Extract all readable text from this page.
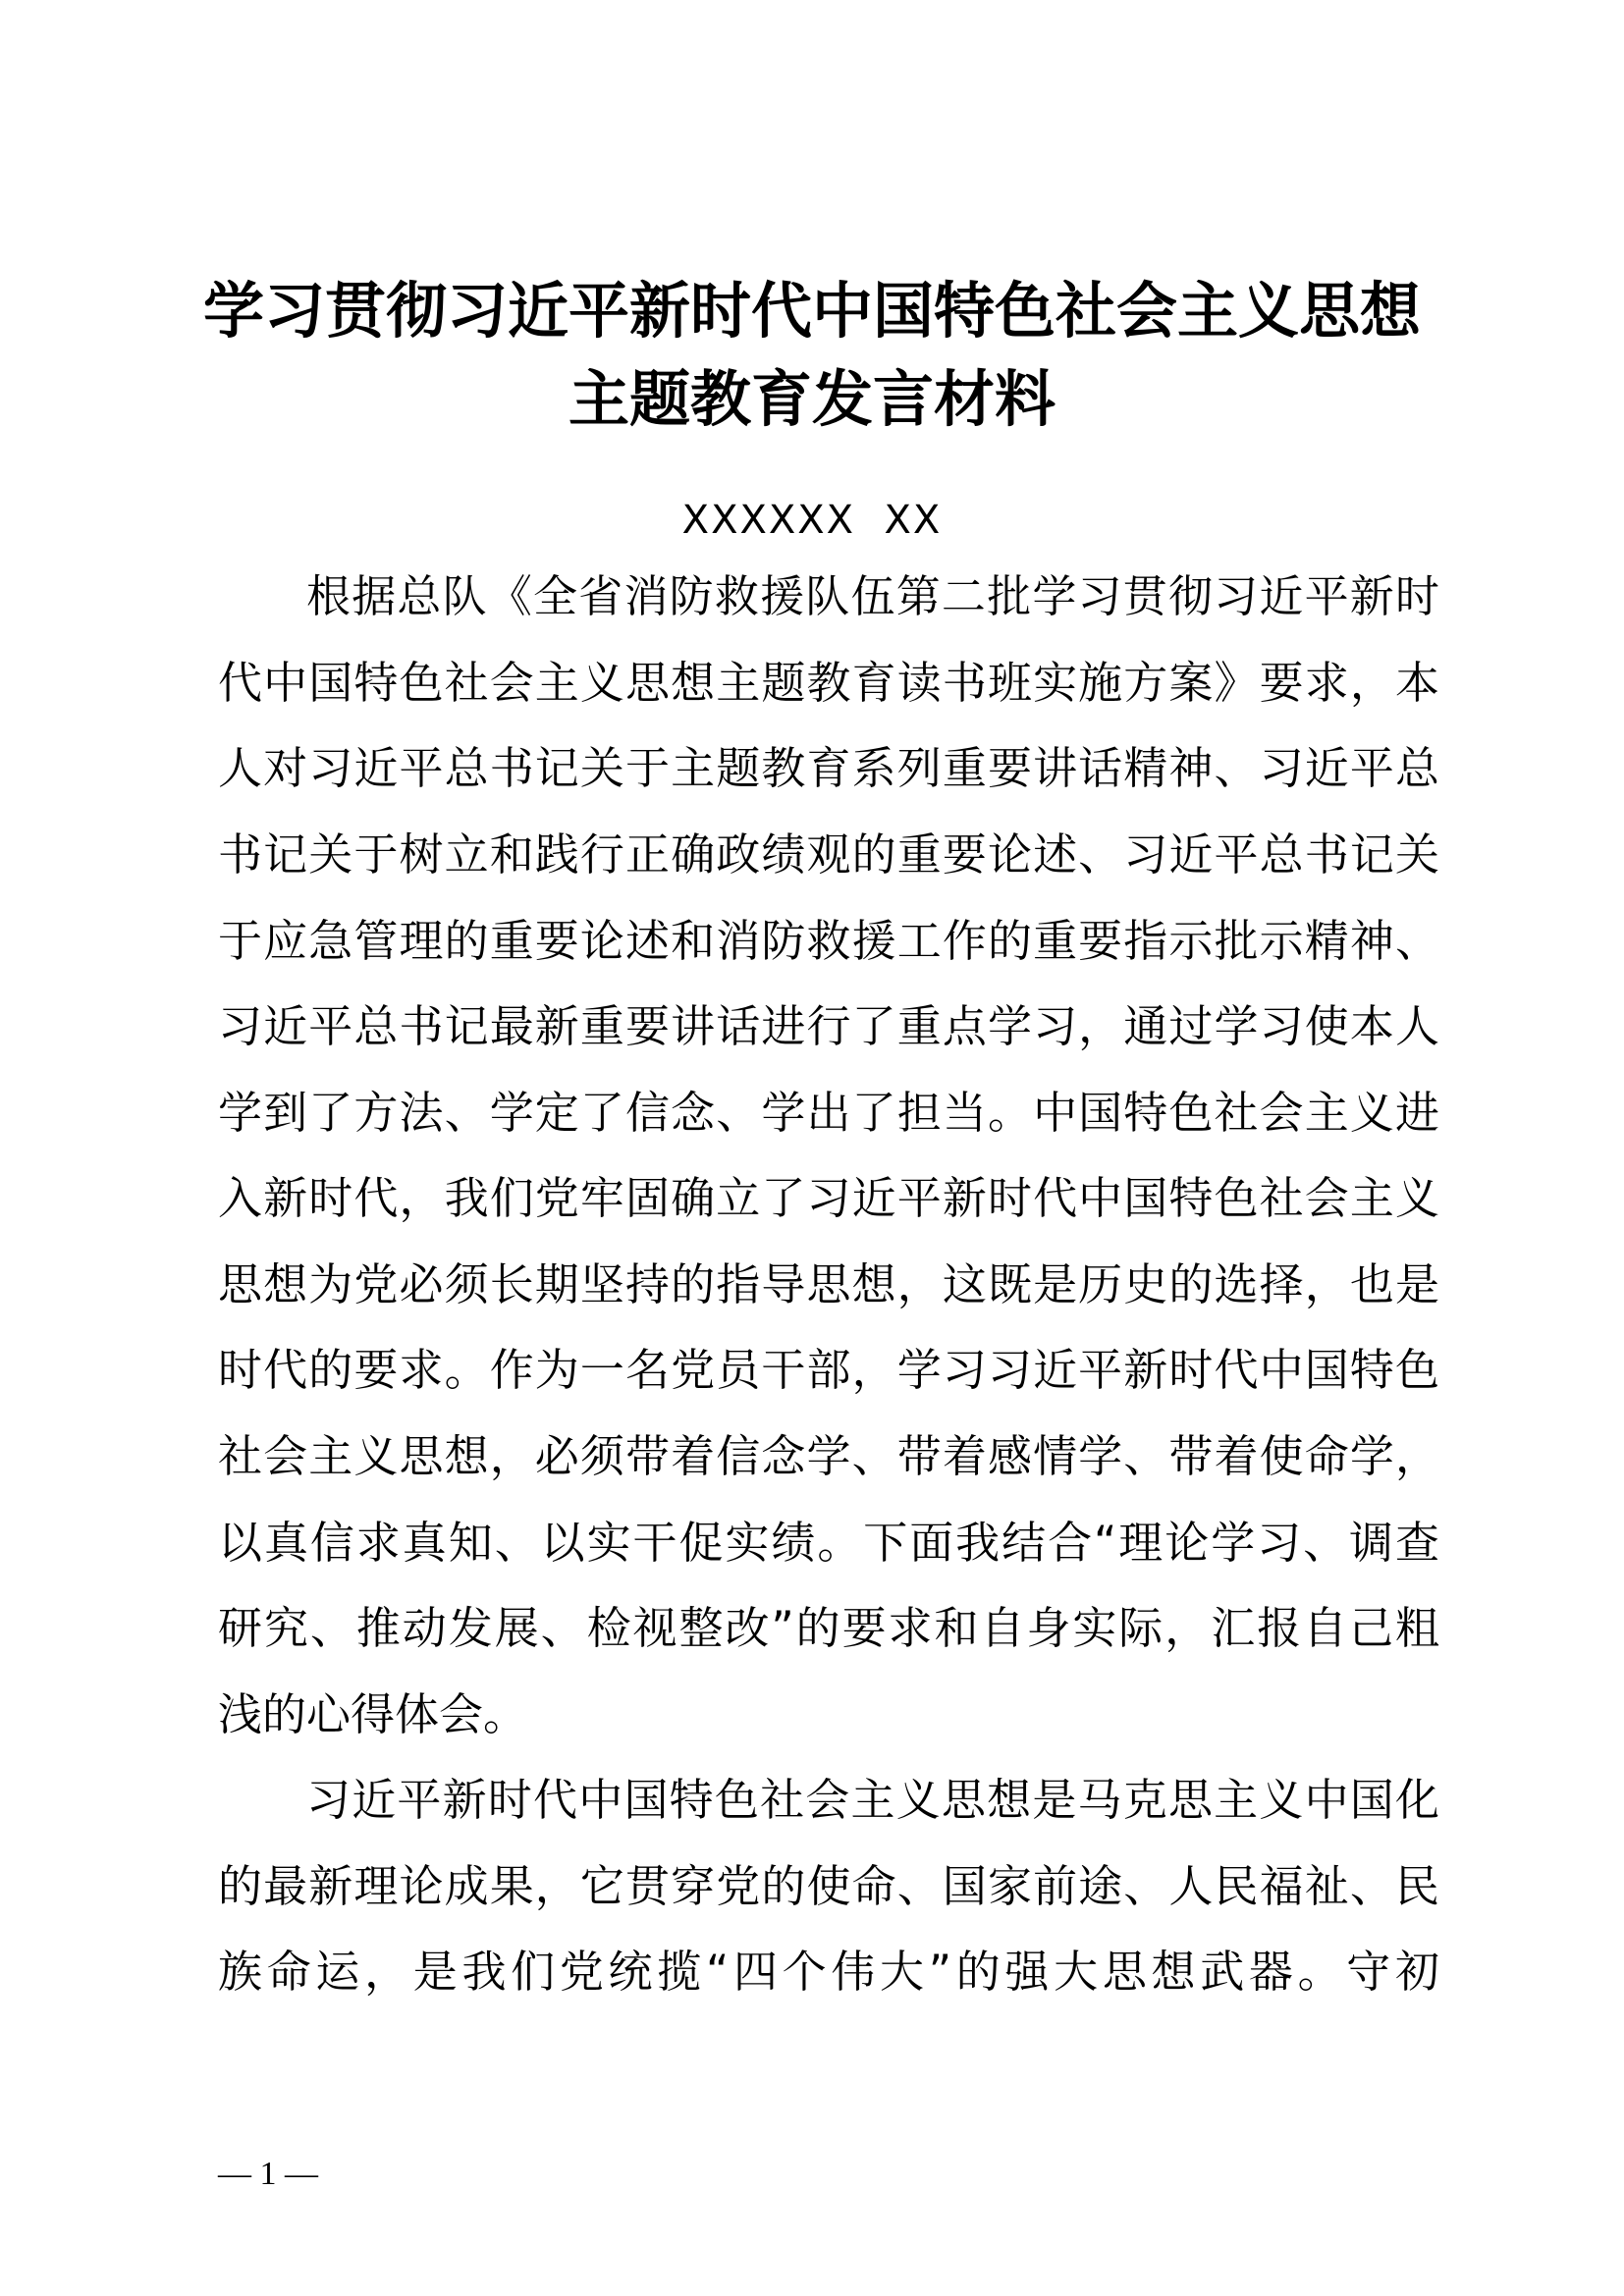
学习贯彻习近平新时代中国特色社会主义思想
主题教育发言材料
XXXXXX  XX
根据总队《全省消防救援队伍第二批学习贯彻习近平新时
代中国特色社会主义思想主题教育读书班实施方案》要求，本
人对习近平总书记关于主题教育系列重要讲话精神、习近平总
书记关于树立和践行正确政绩观的重要论述、习近平总书记关
于应急管理的重要论述和消防救援工作的重要指示批示精神、
习近平总书记最新重要讲话进行了重点学习，通过学习使本人
学到了方法、学定了信念、学出了担当。中国特色社会主义进
入新时代，我们党牢固确立了习近平新时代中国特色社会主义
思想为党必须长期坚持的指导思想，这既是历史的选择，也是
时代的要求。作为一名党员干部，学习习近平新时代中国特色
社会主义思想，必须带着信念学、带着感情学、带着使命学，
以真信求真知、以实干促实绩。下面我结合“理论学习、调查
研究、推动发展、检视整改”的要求和自身实际，汇报自己粗
浅的心得体会。
习近平新时代中国特色社会主义思想是马克思主义中国化
的最新理论成果，它贯穿党的使命、国家前途、人民福祉、民
族命运，是我们党统揽“四个伟大”的强大思想武器。守初
— 1 —
